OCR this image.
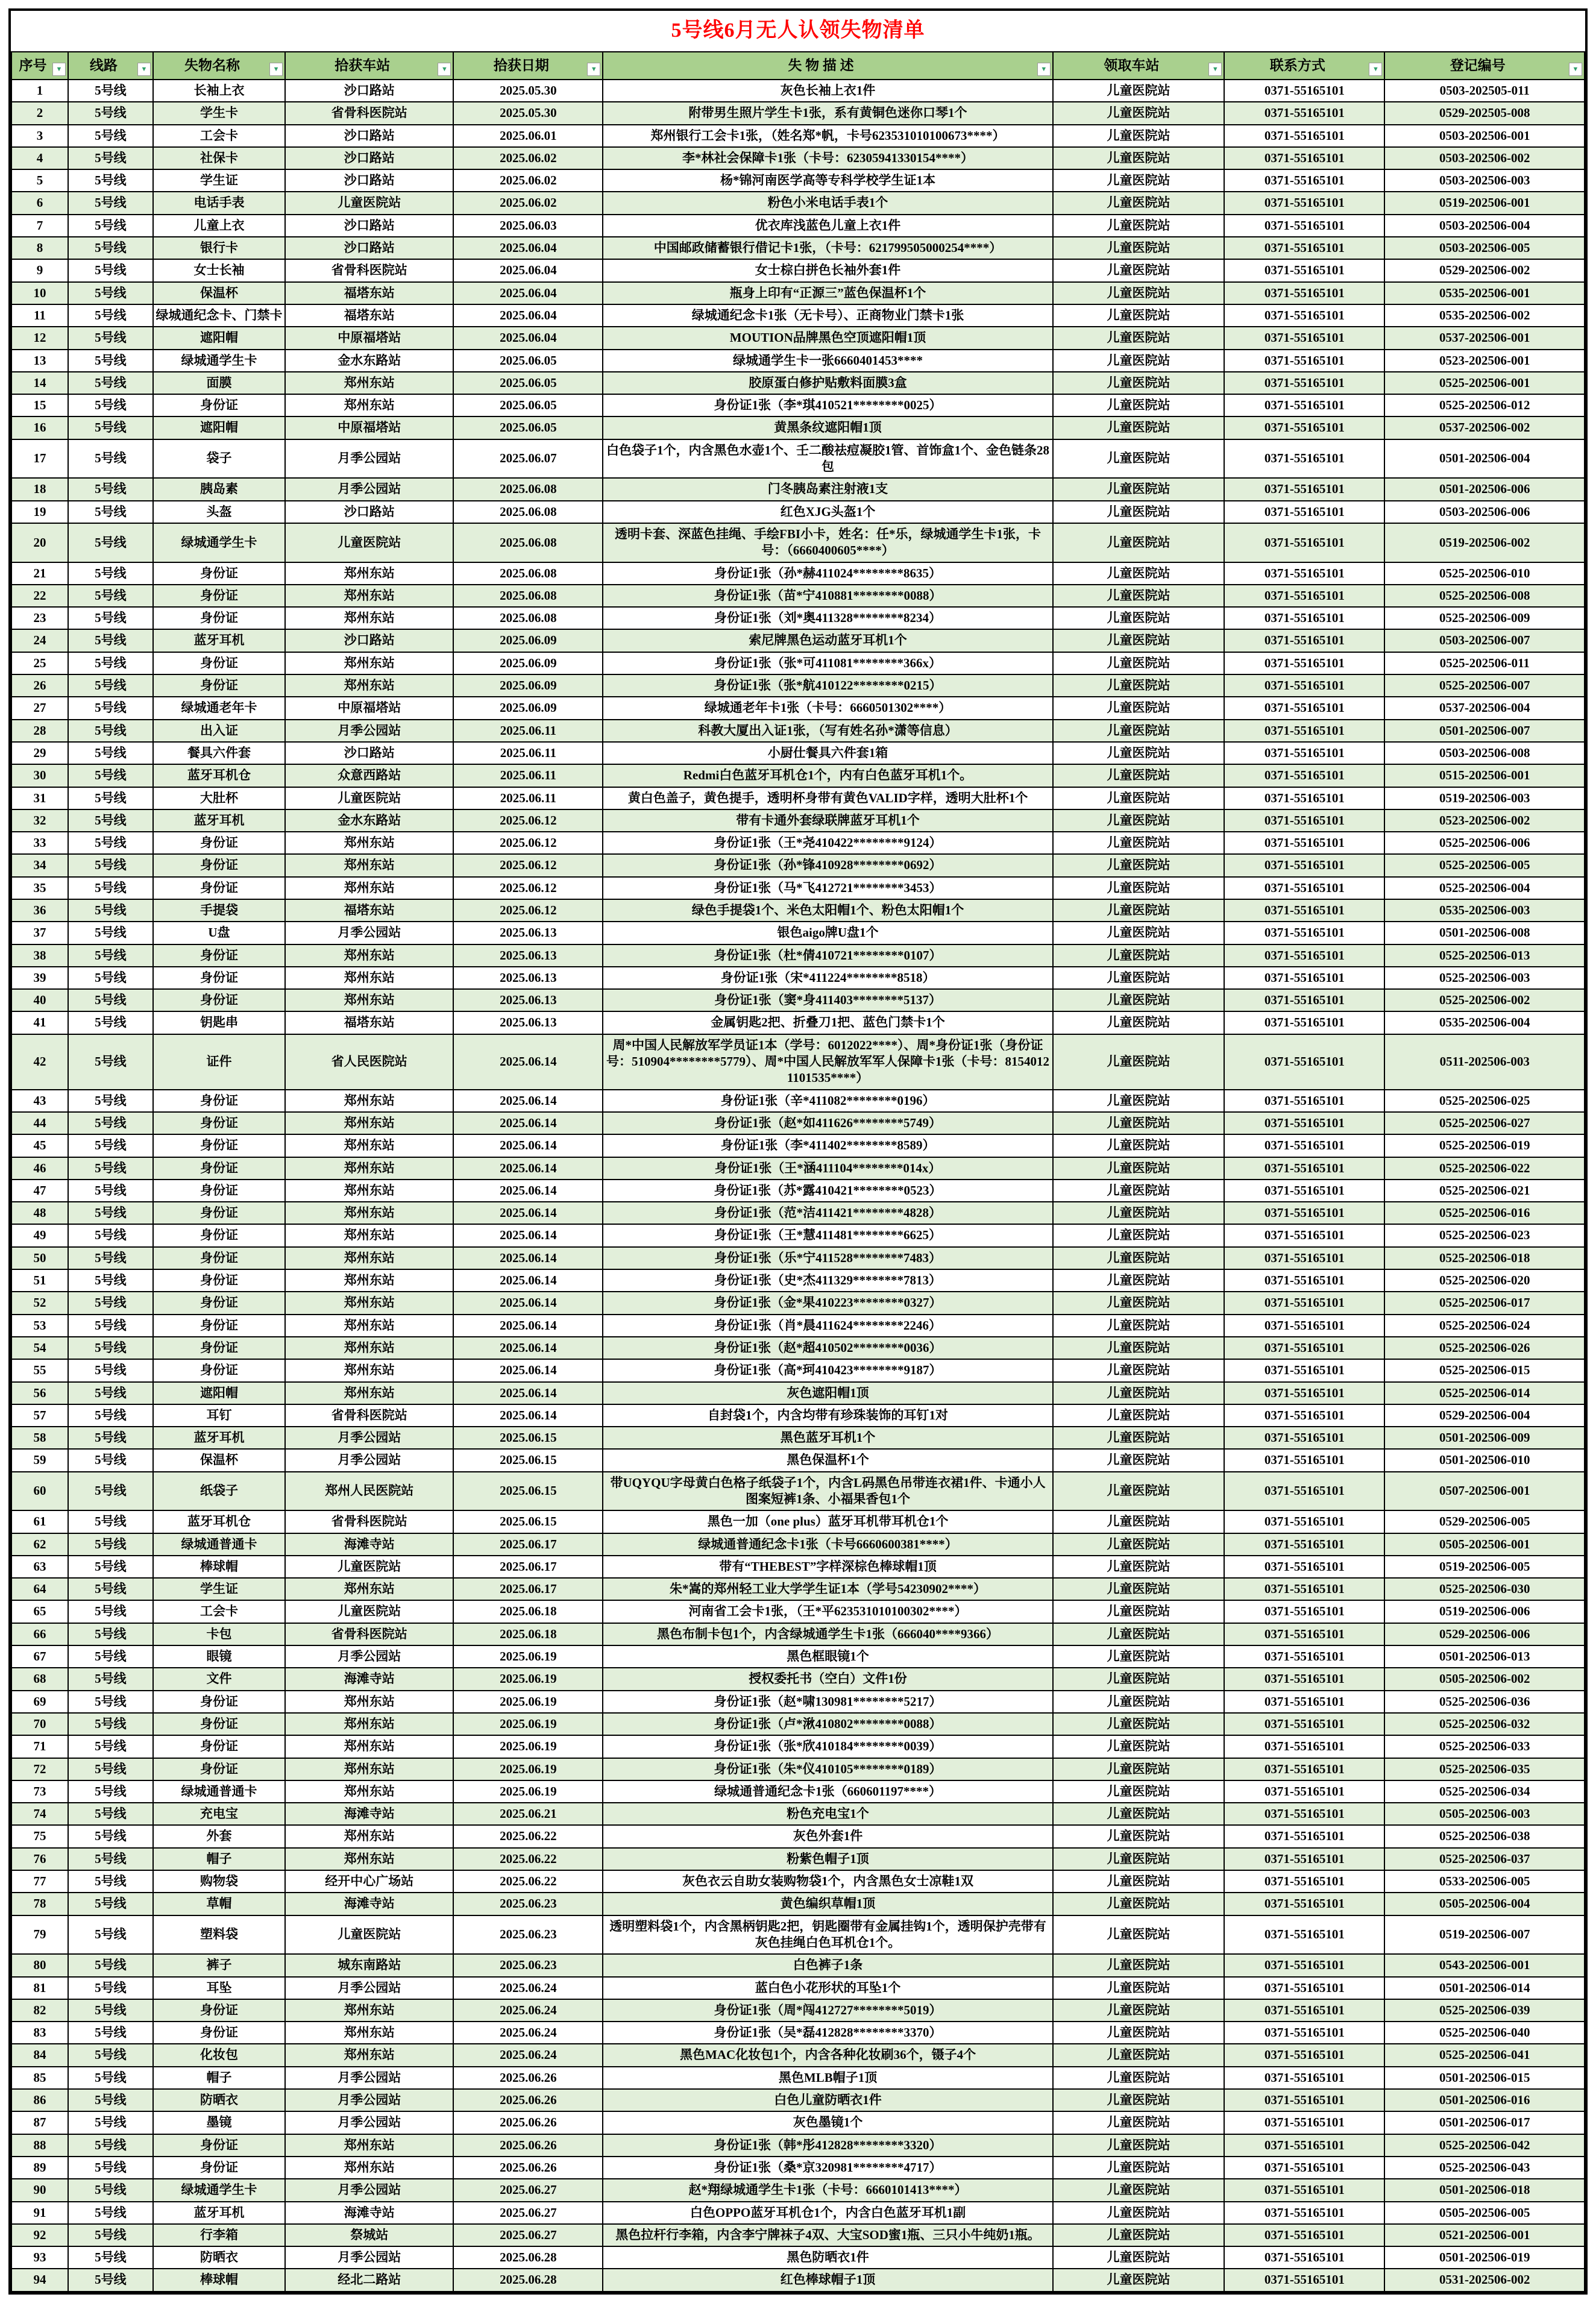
5号线6月无人认领失物清单								
序号 ▼	线路 ▼	失物名称 ▼	拾获车站 ▼	拾获日期 ▼	失 物 描 述 ▼	领取车站 ▼	联系方式 ▼	登记编号 ▼

1	5号线	长袖上衣	沙口路站	2025.05.30	灰色长袖上衣1件	儿童医院站	0371-55165101	0503-202505-011
2	5号线	学生卡	省骨科医院站	2025.05.30	附带男生照片学生卡1张，系有黄铜色迷你口琴1个	儿童医院站	0371-55165101	0529-202505-008
3	5号线	工会卡	沙口路站	2025.06.01	郑州银行工会卡1张，（姓名郑*帆，卡号623531010100673****）	儿童医院站	0371-55165101	0503-202506-001
4	5号线	社保卡	沙口路站	2025.06.02	李*林社会保障卡1张（卡号：62305941330154****）	儿童医院站	0371-55165101	0503-202506-002
5	5号线	学生证	沙口路站	2025.06.02	杨*锦河南医学高等专科学校学生证1本	儿童医院站	0371-55165101	0503-202506-003
6	5号线	电话手表	儿童医院站	2025.06.02	粉色小米电话手表1个	儿童医院站	0371-55165101	0519-202506-001
7	5号线	儿童上衣	沙口路站	2025.06.03	优衣库浅蓝色儿童上衣1件	儿童医院站	0371-55165101	0503-202506-004
8	5号线	银行卡	沙口路站	2025.06.04	中国邮政储蓄银行借记卡1张，（卡号：621799505000254****）	儿童医院站	0371-55165101	0503-202506-005
9	5号线	女士长袖	省骨科医院站	2025.06.04	女士棕白拼色长袖外套1件	儿童医院站	0371-55165101	0529-202506-002
10	5号线	保温杯	福塔东站	2025.06.04	瓶身上印有“正源三”蓝色保温杯1个	儿童医院站	0371-55165101	0535-202506-001
11	5号线	绿城通纪念卡、门禁卡	福塔东站	2025.06.04	绿城通纪念卡1张（无卡号）、正商物业门禁卡1张	儿童医院站	0371-55165101	0535-202506-002
12	5号线	遮阳帽	中原福塔站	2025.06.04	MOUTION品牌黑色空顶遮阳帽1顶	儿童医院站	0371-55165101	0537-202506-001
13	5号线	绿城通学生卡	金水东路站	2025.06.05	绿城通学生卡一张6660401453****	儿童医院站	0371-55165101	0523-202506-001
14	5号线	面膜	郑州东站	2025.06.05	胶原蛋白修护贴敷料面膜3盒	儿童医院站	0371-55165101	0525-202506-001
15	5号线	身份证	郑州东站	2025.06.05	身份证1张（李*琪410521********0025）	儿童医院站	0371-55165101	0525-202506-012
16	5号线	遮阳帽	中原福塔站	2025.06.05	黄黑条纹遮阳帽1顶	儿童医院站	0371-55165101	0537-202506-002
17	5号线	袋子	月季公园站	2025.06.07	白色袋子1个，内含黑色水壶1个、壬二酸祛痘凝胶1管、首饰盒1个、金色链条28包	儿童医院站	0371-55165101	0501-202506-004
18	5号线	胰岛素	月季公园站	2025.06.08	门冬胰岛素注射液1支	儿童医院站	0371-55165101	0501-202506-006
19	5号线	头盔	沙口路站	2025.06.08	红色XJG头盔1个	儿童医院站	0371-55165101	0503-202506-006
20	5号线	绿城通学生卡	儿童医院站	2025.06.08	透明卡套、深蓝色挂绳、手绘FBI小卡，姓名：任*乐，绿城通学生卡1张，卡号：（6660400605****）	儿童医院站	0371-55165101	0519-202506-002
21	5号线	身份证	郑州东站	2025.06.08	身份证1张（孙*赫411024********8635）	儿童医院站	0371-55165101	0525-202506-010
22	5号线	身份证	郑州东站	2025.06.08	身份证1张（苗*宁410881********0088）	儿童医院站	0371-55165101	0525-202506-008
23	5号线	身份证	郑州东站	2025.06.08	身份证1张（刘*奥411328********8234）	儿童医院站	0371-55165101	0525-202506-009
24	5号线	蓝牙耳机	沙口路站	2025.06.09	索尼牌黑色运动蓝牙耳机1个	儿童医院站	0371-55165101	0503-202506-007
25	5号线	身份证	郑州东站	2025.06.09	身份证1张（张*可411081********366x）	儿童医院站	0371-55165101	0525-202506-011
26	5号线	身份证	郑州东站	2025.06.09	身份证1张（张*航410122********0215）	儿童医院站	0371-55165101	0525-202506-007
27	5号线	绿城通老年卡	中原福塔站	2025.06.09	绿城通老年卡1张（卡号：6660501302****）	儿童医院站	0371-55165101	0537-202506-004
28	5号线	出入证	月季公园站	2025.06.11	科教大厦出入证1张，（写有姓名孙*潇等信息）	儿童医院站	0371-55165101	0501-202506-007
29	5号线	餐具六件套	沙口路站	2025.06.11	小厨仕餐具六件套1箱	儿童医院站	0371-55165101	0503-202506-008
30	5号线	蓝牙耳机仓	众意西路站	2025.06.11	Redmi白色蓝牙耳机仓1个，内有白色蓝牙耳机1个。	儿童医院站	0371-55165101	0515-202506-001
31	5号线	大肚杯	儿童医院站	2025.06.11	黄白色盖子，黄色提手，透明杯身带有黄色VALID字样，透明大肚杯1个	儿童医院站	0371-55165101	0519-202506-003
32	5号线	蓝牙耳机	金水东路站	2025.06.12	带有卡通外套绿联牌蓝牙耳机1个	儿童医院站	0371-55165101	0523-202506-002
33	5号线	身份证	郑州东站	2025.06.12	身份证1张（王*尧410422********9124）	儿童医院站	0371-55165101	0525-202506-006
34	5号线	身份证	郑州东站	2025.06.12	身份证1张（孙*锋410928********0692）	儿童医院站	0371-55165101	0525-202506-005
35	5号线	身份证	郑州东站	2025.06.12	身份证1张（马*飞412721********3453）	儿童医院站	0371-55165101	0525-202506-004
36	5号线	手提袋	福塔东站	2025.06.12	绿色手提袋1个、米色太阳帽1个、粉色太阳帽1个	儿童医院站	0371-55165101	0535-202506-003
37	5号线	U盘	月季公园站	2025.06.13	银色aigo牌U盘1个	儿童医院站	0371-55165101	0501-202506-008
38	5号线	身份证	郑州东站	2025.06.13	身份证1张（杜*倩410721********0107）	儿童医院站	0371-55165101	0525-202506-013
39	5号线	身份证	郑州东站	2025.06.13	身份证1张（宋*411224********8518）	儿童医院站	0371-55165101	0525-202506-003
40	5号线	身份证	郑州东站	2025.06.13	身份证1张（窦*身411403********5137）	儿童医院站	0371-55165101	0525-202506-002
41	5号线	钥匙串	福塔东站	2025.06.13	金属钥匙2把、折叠刀1把、蓝色门禁卡1个	儿童医院站	0371-55165101	0535-202506-004
42	5号线	证件	省人民医院站	2025.06.14	周*中国人民解放军学员证1本（学号：6012022****）、周*身份证1张（身份证号：510904********5779）、周*中国人民解放军军人保障卡1张（卡号：81540121101535****）	儿童医院站	0371-55165101	0511-202506-003
43	5号线	身份证	郑州东站	2025.06.14	身份证1张（辛*411082********0196）	儿童医院站	0371-55165101	0525-202506-025
44	5号线	身份证	郑州东站	2025.06.14	身份证1张（赵*如411626********5749）	儿童医院站	0371-55165101	0525-202506-027
45	5号线	身份证	郑州东站	2025.06.14	身份证1张（李*411402********8589）	儿童医院站	0371-55165101	0525-202506-019
46	5号线	身份证	郑州东站	2025.06.14	身份证1张（王*涵411104********014x）	儿童医院站	0371-55165101	0525-202506-022
47	5号线	身份证	郑州东站	2025.06.14	身份证1张（苏*露410421********0523）	儿童医院站	0371-55165101	0525-202506-021
48	5号线	身份证	郑州东站	2025.06.14	身份证1张（范*洁411421********4828）	儿童医院站	0371-55165101	0525-202506-016
49	5号线	身份证	郑州东站	2025.06.14	身份证1张（王*慧411481********6625）	儿童医院站	0371-55165101	0525-202506-023
50	5号线	身份证	郑州东站	2025.06.14	身份证1张（乐*宁411528********7483）	儿童医院站	0371-55165101	0525-202506-018
51	5号线	身份证	郑州东站	2025.06.14	身份证1张（史*杰411329********7813）	儿童医院站	0371-55165101	0525-202506-020
52	5号线	身份证	郑州东站	2025.06.14	身份证1张（金*果410223********0327）	儿童医院站	0371-55165101	0525-202506-017
53	5号线	身份证	郑州东站	2025.06.14	身份证1张（肖*晨411624********2246）	儿童医院站	0371-55165101	0525-202506-024
54	5号线	身份证	郑州东站	2025.06.14	身份证1张（赵*超410502********0036）	儿童医院站	0371-55165101	0525-202506-026
55	5号线	身份证	郑州东站	2025.06.14	身份证1张（高*珂410423********9187）	儿童医院站	0371-55165101	0525-202506-015
56	5号线	遮阳帽	郑州东站	2025.06.14	灰色遮阳帽1顶	儿童医院站	0371-55165101	0525-202506-014
57	5号线	耳钉	省骨科医院站	2025.06.14	自封袋1个，内含均带有珍珠装饰的耳钉1对	儿童医院站	0371-55165101	0529-202506-004
58	5号线	蓝牙耳机	月季公园站	2025.06.15	黑色蓝牙耳机1个	儿童医院站	0371-55165101	0501-202506-009
59	5号线	保温杯	月季公园站	2025.06.15	黑色保温杯1个	儿童医院站	0371-55165101	0501-202506-010
60	5号线	纸袋子	郑州人民医院站	2025.06.15	带UQYQU字母黄白色格子纸袋子1个，内含L码黑色吊带连衣裙1件、卡通小人图案短裤1条、小福果香包1个	儿童医院站	0371-55165101	0507-202506-001
61	5号线	蓝牙耳机仓	省骨科医院站	2025.06.15	黑色一加（one plus）蓝牙耳机带耳机仓1个	儿童医院站	0371-55165101	0529-202506-005
62	5号线	绿城通普通卡	海滩寺站	2025.06.17	绿城通普通纪念卡1张（卡号6660600381****）	儿童医院站	0371-55165101	0505-202506-001
63	5号线	棒球帽	儿童医院站	2025.06.17	带有“THEBEST”字样深棕色棒球帽1顶	儿童医院站	0371-55165101	0519-202506-005
64	5号线	学生证	郑州东站	2025.06.17	朱*嵩的郑州轻工业大学学生证1本（学号54230902****）	儿童医院站	0371-55165101	0525-202506-030
65	5号线	工会卡	儿童医院站	2025.06.18	河南省工会卡1张，（王*平623531010100302****）	儿童医院站	0371-55165101	0519-202506-006
66	5号线	卡包	省骨科医院站	2025.06.18	黑色布制卡包1个，内含绿城通学生卡1张（666040****9366）	儿童医院站	0371-55165101	0529-202506-006
67	5号线	眼镜	月季公园站	2025.06.19	黑色框眼镜1个	儿童医院站	0371-55165101	0501-202506-013
68	5号线	文件	海滩寺站	2025.06.19	授权委托书（空白）文件1份	儿童医院站	0371-55165101	0505-202506-002
69	5号线	身份证	郑州东站	2025.06.19	身份证1张（赵*啸130981********5217）	儿童医院站	0371-55165101	0525-202506-036
70	5号线	身份证	郑州东站	2025.06.19	身份证1张（卢*湫410802********0088）	儿童医院站	0371-55165101	0525-202506-032
71	5号线	身份证	郑州东站	2025.06.19	身份证1张（张*欣410184********0039）	儿童医院站	0371-55165101	0525-202506-033
72	5号线	身份证	郑州东站	2025.06.19	身份证1张（朱*仪410105********0189）	儿童医院站	0371-55165101	0525-202506-035
73	5号线	绿城通普通卡	郑州东站	2025.06.19	绿城通普通纪念卡1张（660601197****）	儿童医院站	0371-55165101	0525-202506-034
74	5号线	充电宝	海滩寺站	2025.06.21	粉色充电宝1个	儿童医院站	0371-55165101	0505-202506-003
75	5号线	外套	郑州东站	2025.06.22	灰色外套1件	儿童医院站	0371-55165101	0525-202506-038
76	5号线	帽子	郑州东站	2025.06.22	粉紫色帽子1顶	儿童医院站	0371-55165101	0525-202506-037
77	5号线	购物袋	经开中心广场站	2025.06.22	灰色衣云自助女装购物袋1个，内含黑色女士凉鞋1双	儿童医院站	0371-55165101	0533-202506-005
78	5号线	草帽	海滩寺站	2025.06.23	黄色编织草帽1顶	儿童医院站	0371-55165101	0505-202506-004
79	5号线	塑料袋	儿童医院站	2025.06.23	透明塑料袋1个，内含黑柄钥匙2把，钥匙圈带有金属挂钩1个，透明保护壳带有灰色挂绳白色耳机仓1个。	儿童医院站	0371-55165101	0519-202506-007
80	5号线	裤子	城东南路站	2025.06.23	白色裤子1条	儿童医院站	0371-55165101	0543-202506-001
81	5号线	耳坠	月季公园站	2025.06.24	蓝白色小花形状的耳坠1个	儿童医院站	0371-55165101	0501-202506-014
82	5号线	身份证	郑州东站	2025.06.24	身份证1张（周*闯412727********5019）	儿童医院站	0371-55165101	0525-202506-039
83	5号线	身份证	郑州东站	2025.06.24	身份证1张（吴*磊412828********3370）	儿童医院站	0371-55165101	0525-202506-040
84	5号线	化妆包	郑州东站	2025.06.24	黑色MAC化妆包1个，内含各种化妆刷36个，镊子4个	儿童医院站	0371-55165101	0525-202506-041
85	5号线	帽子	月季公园站	2025.06.26	黑色MLB帽子1顶	儿童医院站	0371-55165101	0501-202506-015
86	5号线	防晒衣	月季公园站	2025.06.26	白色儿童防晒衣1件	儿童医院站	0371-55165101	0501-202506-016
87	5号线	墨镜	月季公园站	2025.06.26	灰色墨镜1个	儿童医院站	0371-55165101	0501-202506-017
88	5号线	身份证	郑州东站	2025.06.26	身份证1张（韩*彤412828********3320）	儿童医院站	0371-55165101	0525-202506-042
89	5号线	身份证	郑州东站	2025.06.26	身份证1张（桑*京320981********4717）	儿童医院站	0371-55165101	0525-202506-043
90	5号线	绿城通学生卡	月季公园站	2025.06.27	赵*翔绿城通学生卡1张（卡号：6660101413****）	儿童医院站	0371-55165101	0501-202506-018
91	5号线	蓝牙耳机	海滩寺站	2025.06.27	白色OPPO蓝牙耳机仓1个，内含白色蓝牙耳机1副	儿童医院站	0371-55165101	0505-202506-005
92	5号线	行李箱	祭城站	2025.06.27	黑色拉杆行李箱，内含李宁牌袜子4双、大宝SOD蜜1瓶、三只小牛纯奶1瓶。	儿童医院站	0371-55165101	0521-202506-001
93	5号线	防晒衣	月季公园站	2025.06.28	黑色防晒衣1件	儿童医院站	0371-55165101	0501-202506-019
94	5号线	棒球帽	经北二路站	2025.06.28	红色棒球帽子1顶	儿童医院站	0371-55165101	0531-202506-002
